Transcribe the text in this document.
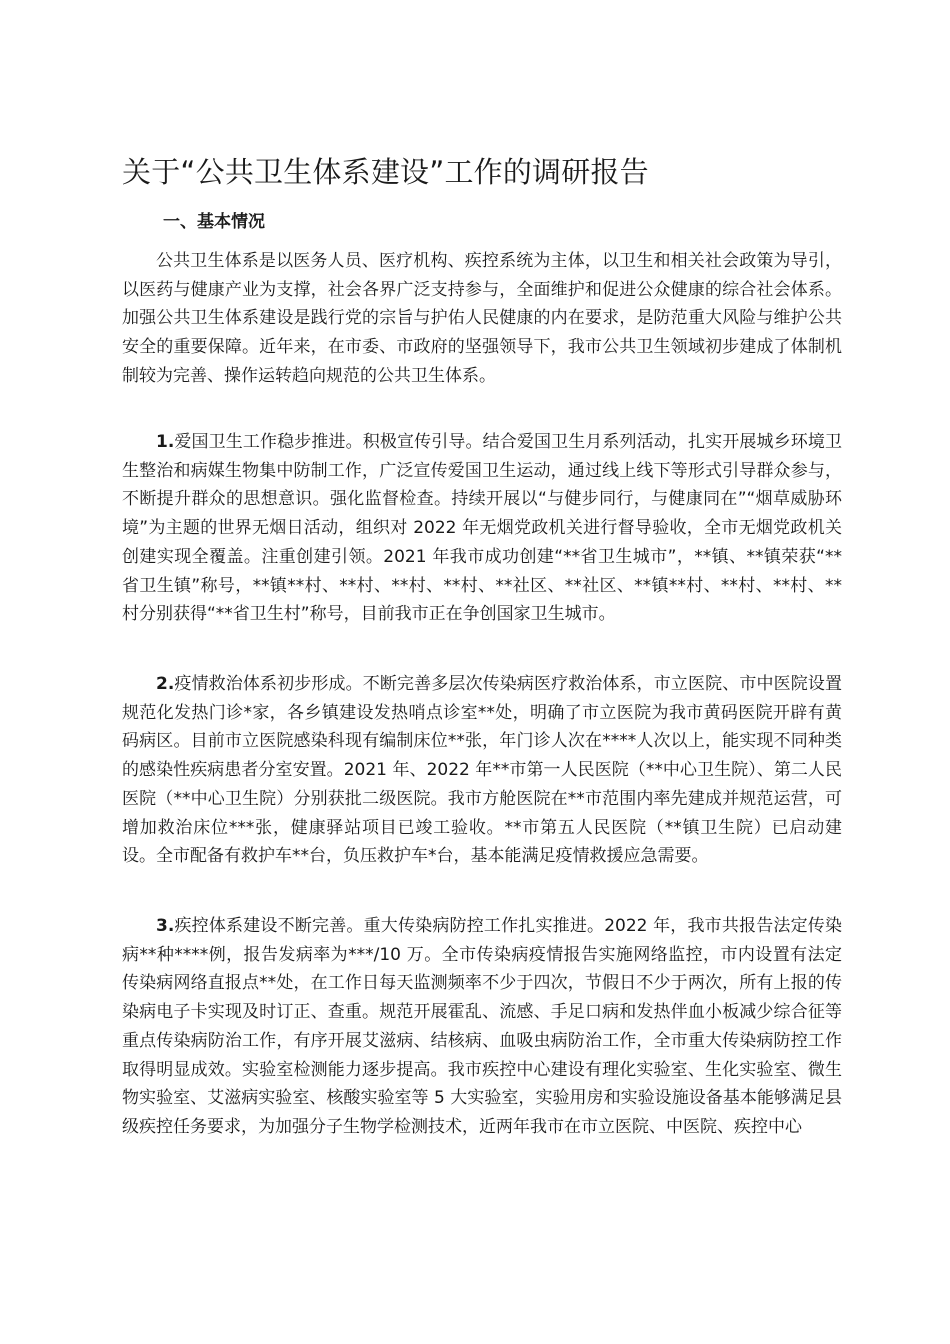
关于“公共卫生体系建设”工作的调研报告
一、基本情况

公共卫生体系是以医务人员、医疗机构、疾控系统为主体，以卫生和相关社会政策为导引，以医药与健康产业为支撑，社会各界广泛支持参与，全面维护和促进公众健康的综合社会体系。加强公共卫生体系建设是践行党的宗旨与护佑人民健康的内在要求，是防范重大风险与维护公共安全的重要保障。近年来，在市委、市政府的坚强领导下，我市公共卫生领域初步建成了体制机制较为完善、操作运转趋向规范的公共卫生体系。

1.爱国卫生工作稳步推进。积极宣传引导。结合爱国卫生月系列活动，扎实开展城乡环境卫生整治和病媒生物集中防制工作，广泛宣传爱国卫生运动，通过线上线下等形式引导群众参与，不断提升群众的思想意识。强化监督检查。持续开展以“与健步同行，与健康同在”“烟草威胁环境”为主题的世界无烟日活动，组织对 2022 年无烟党政机关进行督导验收，全市无烟党政机关创建实现全覆盖。注重创建引领。2021 年我市成功创建“**省卫生城市”，**镇、**镇荣获“**省卫生镇”称号，**镇**村、**村、**村、**村、**社区、**社区、**镇**村、**村、**村、**村分别获得“**省卫生村”称号，目前我市正在争创国家卫生城市。

2.疫情救治体系初步形成。不断完善多层次传染病医疗救治体系，市立医院、市中医院设置规范化发热门诊*家，各乡镇建设发热哨点诊室**处，明确了市立医院为我市黄码医院开辟有黄码病区。目前市立医院感染科现有编制床位**张，年门诊人次在****人次以上，能实现不同种类的感染性疾病患者分室安置。2021 年、2022 年**市第一人民医院（**中心卫生院）、第二人民医院（**中心卫生院）分别获批二级医院。我市方舱医院在**市范围内率先建成并规范运营，可增加救治床位***张，健康驿站项目已竣工验收。**市第五人民医院（**镇卫生院）已启动建设。全市配备有救护车**台，负压救护车*台，基本能满足疫情救援应急需要。

3.疾控体系建设不断完善。重大传染病防控工作扎实推进。2022 年，我市共报告法定传染病**种****例，报告发病率为***/10 万。全市传染病疫情报告实施网络监控，市内设置有法定传染病网络直报点**处，在工作日每天监测频率不少于四次，节假日不少于两次，所有上报的传染病电子卡实现及时订正、查重。规范开展霍乱、流感、手足口病和发热伴血小板减少综合征等重点传染病防治工作，有序开展艾滋病、结核病、血吸虫病防治工作，全市重大传染病防控工作取得明显成效。实验室检测能力逐步提高。我市疾控中心建设有理化实验室、生化实验室、微生物实验室、艾滋病实验室、核酸实验室等 5 大实验室，实验用房和实验设施设备基本能够满足县级疾控任务要求，为加强分子生物学检测技术，近两年我市在市立医院、中医院、疾控中心
